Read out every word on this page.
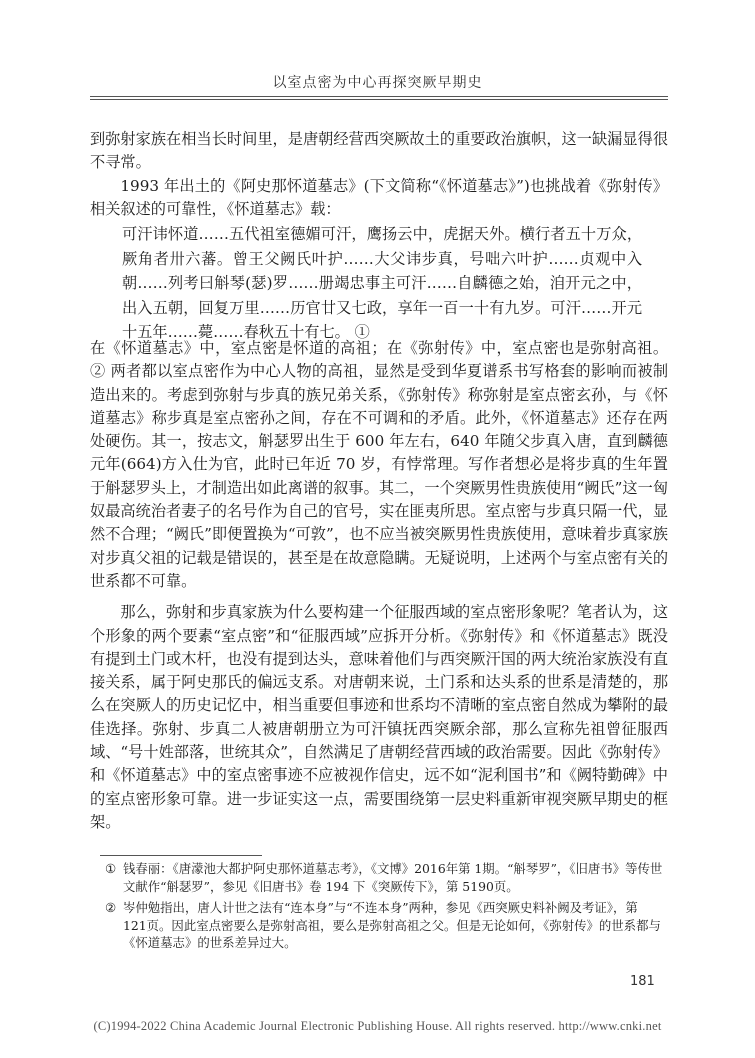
以室点密为中心再探突厥早期史

到弥射家族在相当长时间里，是唐朝经营西突厥故土的重要政治旗帜，这一缺漏显得很不寻常。

1993 年出土的《阿史那怀道墓志》(下文简称“《怀道墓志》”)也挑战着《弥射传》相关叙述的可靠性，《怀道墓志》载：

可汗讳怀道……五代祖室德媚可汗，鹰扬云中，虎据天外。横行者五十万众，厥角者卅六蕃。曾王父阙氏叶护……大父讳步真，号咄六叶护……贞观中入朝……列考曰斛琴(瑟)罗……册竭忠事主可汗……自麟德之始，洎开元之中，出入五朝，回复万里……历官廿又七政，享年一百一十有九岁。可汗……开元十五年……薨……春秋五十有七。 ①

在《怀道墓志》中，室点密是怀道的高祖；在《弥射传》中，室点密也是弥射高祖。 ② 两者都以室点密作为中心人物的高祖，显然是受到华夏谱系书写格套的影响而被制造出来的。考虑到弥射与步真的族兄弟关系，《弥射传》称弥射是室点密玄孙，与《怀道墓志》称步真是室点密孙之间，存在不可调和的矛盾。此外，《怀道墓志》还存在两处硬伤。其一，按志文，斛瑟罗出生于 600 年左右，640 年随父步真入唐，直到麟德元年(664)方入仕为官，此时已年近 70 岁，有悖常理。写作者想必是将步真的生年置于斛瑟罗头上，才制造出如此离谱的叙事。其二，一个突厥男性贵族使用“阙氏”这一匈奴最高统治者妻子的名号作为自己的官号，实在匪夷所思。室点密与步真只隔一代，显然不合理；“阙氏”即便置换为“可敦”，也不应当被突厥男性贵族使用，意味着步真家族对步真父祖的记载是错误的，甚至是在故意隐瞒。无疑说明，上述两个与室点密有关的世系都不可靠。

那么，弥射和步真家族为什么要构建一个征服西域的室点密形象呢？笔者认为，这个形象的两个要素“室点密”和“征服西域”应拆开分析。《弥射传》和《怀道墓志》既没有提到土门或木杆，也没有提到达头，意味着他们与西突厥汗国的两大统治家族没有直接关系，属于阿史那氏的偏远支系。对唐朝来说，土门系和达头系的世系是清楚的，那么在突厥人的历史记忆中，相当重要但事迹和世系均不清晰的室点密自然成为攀附的最佳选择。弥射、步真二人被唐朝册立为可汗镇抚西突厥余部，那么宣称先祖曾征服西域、“号十姓部落，世统其众”，自然满足了唐朝经营西域的政治需要。因此《弥射传》和《怀道墓志》中的室点密事迹不应被视作信史，远不如“泥利国书”和《阙特勤碑》中的室点密形象可靠。进一步证实这一点，需要围绕第一层史料重新审视突厥早期史的框架。

① 钱春丽：《唐濛池大都护阿史那怀道墓志考》，《文博》2016年第 1期。“斛琴罗”，《旧唐书》等传世文献作“斛瑟罗”，参见《旧唐书》卷 194 下《突厥传下》，第 5190页。
② 岑仲勉指出，唐人计世之法有“连本身”与“不连本身”两种，参见《西突厥史料补阙及考证》，第 121页。因此室点密要么是弥射高祖，要么是弥射高祖之父。但是无论如何，《弥射传》的世系都与《怀道墓志》的世系差异过大。
181
(C)1994-2022 China Academic Journal Electronic Publishing House. All rights reserved. http://www.cnki.net
